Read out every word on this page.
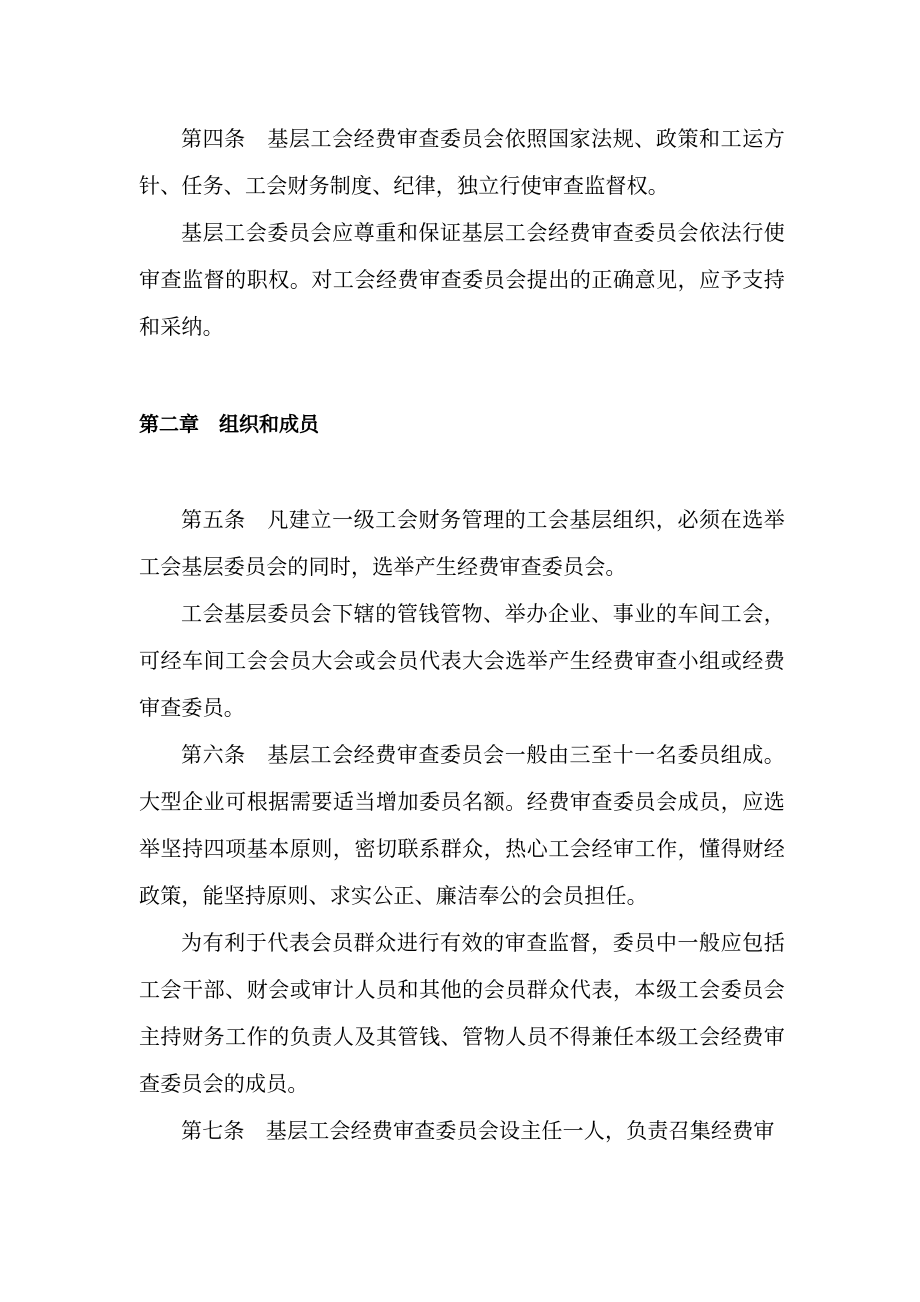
第四条　基层工会经费审查委员会依照国家法规、政策和工运方针、任务、工会财务制度、纪律，独立行使审查监督权。

基层工会委员会应尊重和保证基层工会经费审查委员会依法行使审查监督的职权。对工会经费审查委员会提出的正确意见，应予支持和采纳。

第二章　组织和成员

第五条　凡建立一级工会财务管理的工会基层组织，必须在选举工会基层委员会的同时，选举产生经费审查委员会。

工会基层委员会下辖的管钱管物、举办企业、事业的车间工会，可经车间工会会员大会或会员代表大会选举产生经费审查小组或经费审查委员。

第六条　基层工会经费审查委员会一般由三至十一名委员组成。大型企业可根据需要适当增加委员名额。经费审查委员会成员，应选举坚持四项基本原则，密切联系群众，热心工会经审工作，懂得财经政策，能坚持原则、求实公正、廉洁奉公的会员担任。

为有利于代表会员群众进行有效的审查监督，委员中一般应包括工会干部、财会或审计人员和其他的会员群众代表，本级工会委员会主持财务工作的负责人及其管钱、管物人员不得兼任本级工会经费审查委员会的成员。

第七条　基层工会经费审查委员会设主任一人，负责召集经费审
